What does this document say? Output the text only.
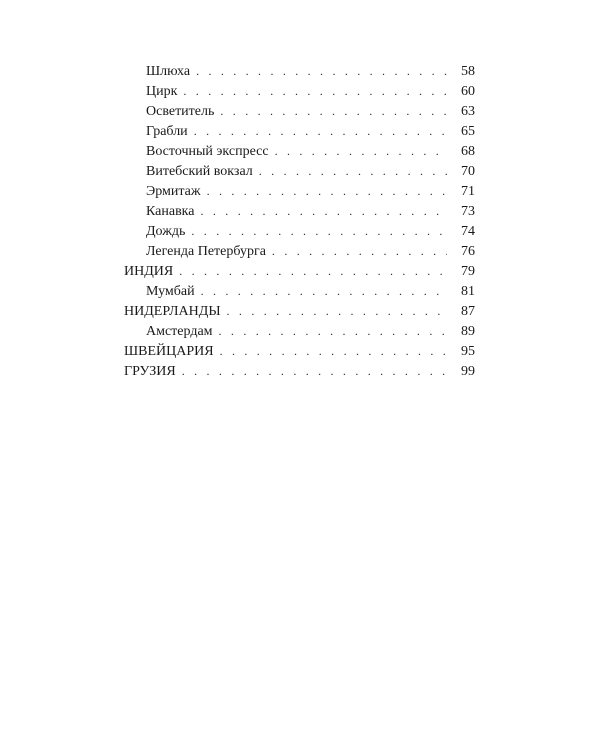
Шлюха . . .	58
Цирк . . .	60
Осветитель . . .	63
Грабли . . .	65
Восточный экспресс . . .	68
Витебский вокзал . . .	70
Эрмитаж . . .	71
Канавка . . .	73
Дождь . . .	74
Легенда Петербурга . . .	76
ИНДИЯ . . .	79
Мумбай . . .	81
НИДЕРЛАНДЫ . . .	87
Амстердам . . .	89
ШВЕЙЦАРИЯ . . .	95
ГРУЗИЯ . . .	99
